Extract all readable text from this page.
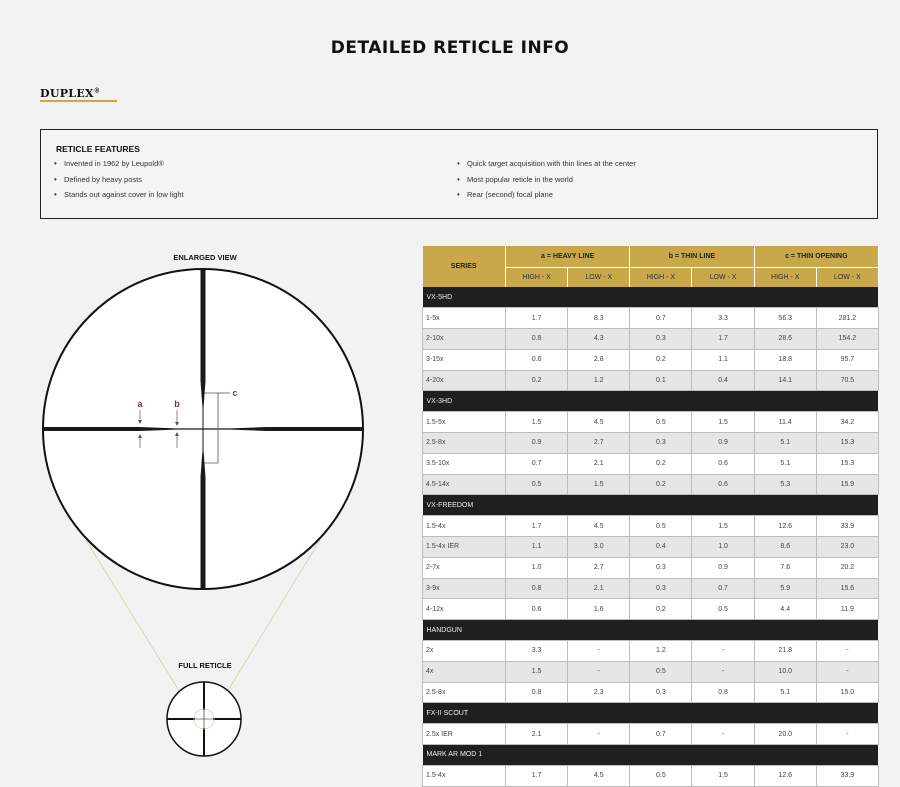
DETAILED RETICLE INFO
DUPLEX®
RETICLE FEATURES
• Invented in 1962 by Leupold®
• Defined by heavy posts
• Stands out against cover in low light
• Quick target acquisition with thin lines at the center
• Most popular reticle in the world
• Rear (second) focal plane
ENLARGED VIEW
FULL RETICLE
a	b
c
SERIES	a = HEAVY LINE		b = THIN LINE		c = THIN OPENING	
	HIGH - X	LOW - X	HIGH - X	LOW - X	HIGH - X	LOW - X
VX-5HD						
1-5x	1.7	8.3	0.7	3.3	56.3	281.2
2-10x	0.8	4.3	0.3	1.7	28.6	154.2
3-15x	0.6	2.8	0.2	1.1	18.8	95.7
4-20x	0.2	1.2	0.1	0.4	14.1	70.5
VX-3HD						
1.5-5x	1.5	4.5	0.5	1.5	11.4	34.2
2.5-8x	0.9	2.7	0.3	0.9	5.1	15.3
3.5-10x	0.7	2.1	0.2	0.6	5.1	15.3
4.5-14x	0.5	1.5	0.2	0.6	5.3	15.9
VX-FREEDOM						
1.5-4x	1.7	4.5	0.5	1.5	12.6	33.9
1.5-4x IER	1.1	3.0	0.4	1.0	8.6	23.0
2-7x	1.0	2.7	0.3	0.9	7.6	20.2
3-9x	0.8	2.1	0.3	0.7	5.9	15.6
4-12x	0.6	1.6	0.2	0.5	4.4	11.9
HANDGUN						
2x	3.3	-	1.2	-	21.8	-
4x	1.5	-	0.5	-	10.0	-
2.5-8x	0.8	2.3	0.3	0.8	5.1	15.0
FX-II SCOUT						
2.5x IER	2.1	-	0.7	-	20.0	-
MARK AR MOD 1						
1.5-4x	1.7	4.5	0.5	1.5	12.6	33.9
